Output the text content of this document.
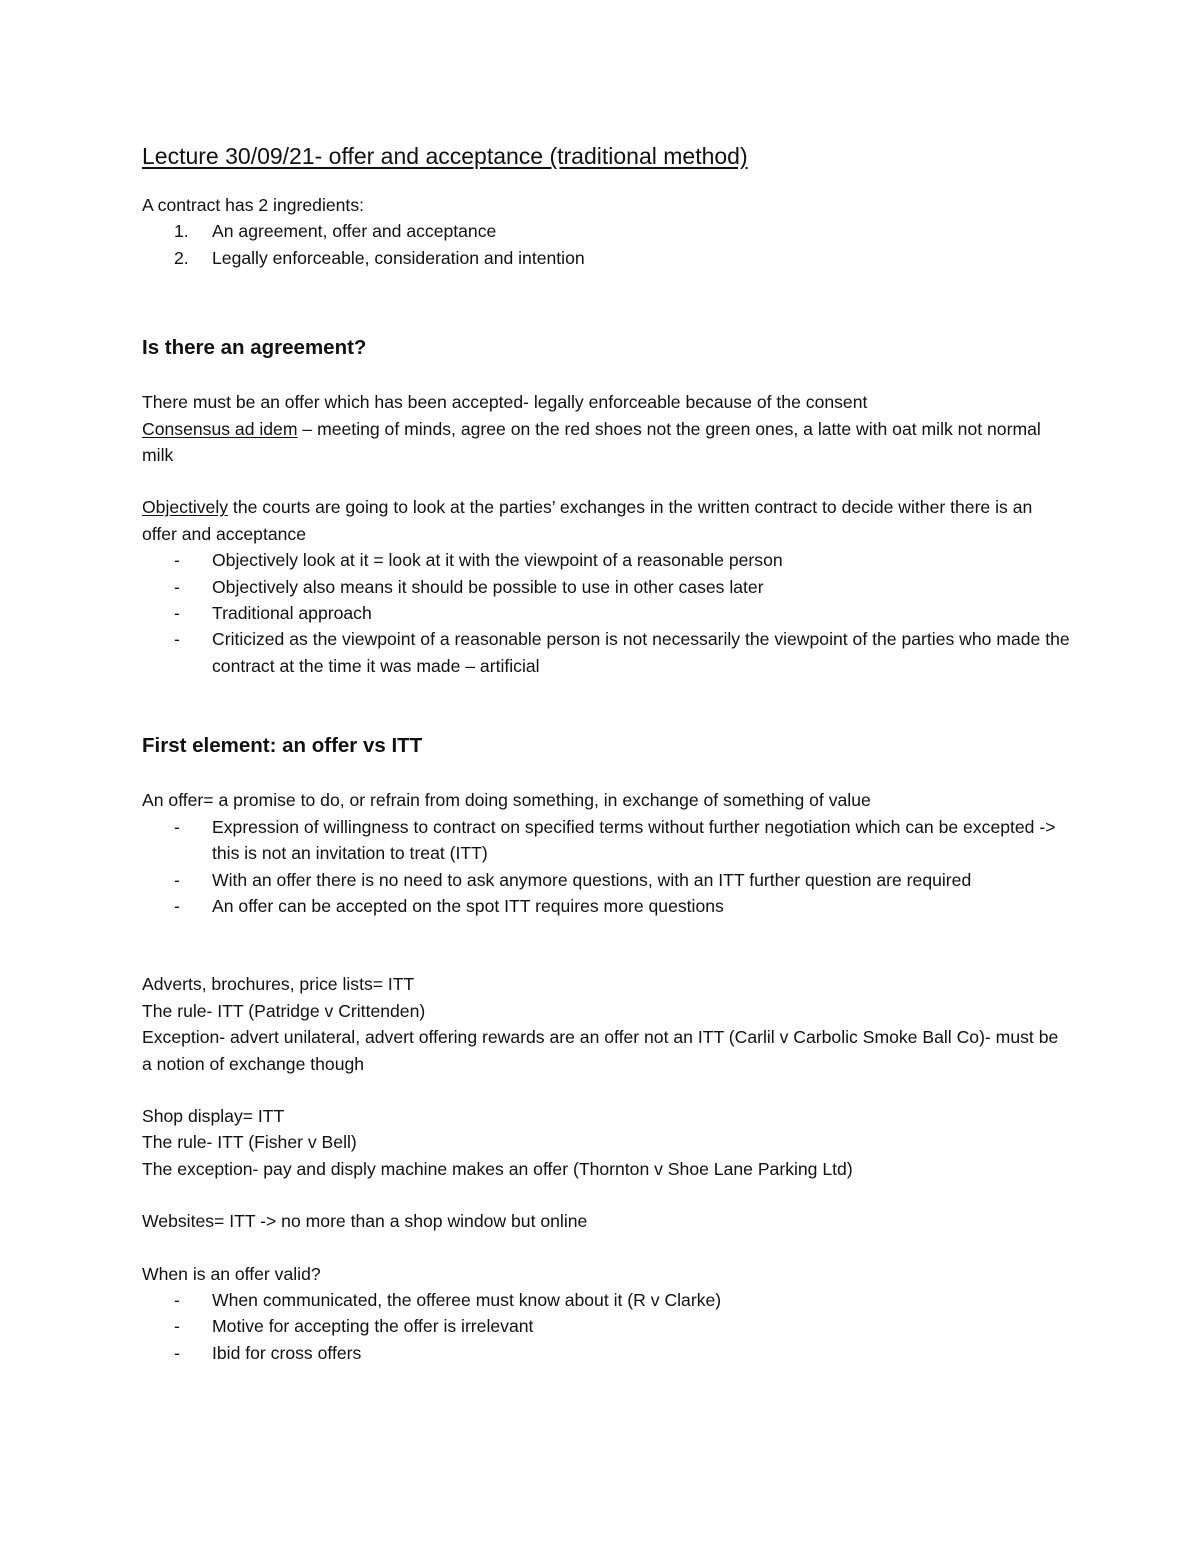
Lecture 30/09/21- offer and acceptance (traditional method)

A contract has 2 ingredients:

1. An agreement, offer and acceptance
2. Legally enforceable, consideration and intention
Is there an agreement?

There must be an offer which has been accepted- legally enforceable because of the consent

Consensus ad idem – meeting of minds, agree on the red shoes not the green ones, a latte with oat milk not normal milk

Objectively the courts are going to look at the parties’ exchanges in the written contract to decide wither there is an offer and acceptance

- Objectively look at it = look at it with the viewpoint of a reasonable person
- Objectively also means it should be possible to use in other cases later
- Traditional approach
- Criticized as the viewpoint of a reasonable person is not necessarily the viewpoint of the parties who made the contract at the time it was made – artificial
First element: an offer vs ITT

An offer= a promise to do, or refrain from doing something, in exchange of something of value

- Expression of willingness to contract on specified terms without further negotiation which can be excepted -> this is not an invitation to treat (ITT)
- With an offer there is no need to ask anymore questions, with an ITT further question are required
- An offer can be accepted on the spot ITT requires more questions

Adverts, brochures, price lists= ITT

The rule- ITT (Patridge v Crittenden)

Exception- advert unilateral, advert offering rewards are an offer not an ITT (Carlil v Carbolic Smoke Ball Co)- must be a notion of exchange though

Shop display= ITT

The rule- ITT (Fisher v Bell)

The exception- pay and disply machine makes an offer (Thornton v Shoe Lane Parking Ltd)

Websites= ITT -> no more than a shop window but online

When is an offer valid?

- When communicated, the offeree must know about it (R v Clarke)
- Motive for accepting the offer is irrelevant
- Ibid for cross offers
